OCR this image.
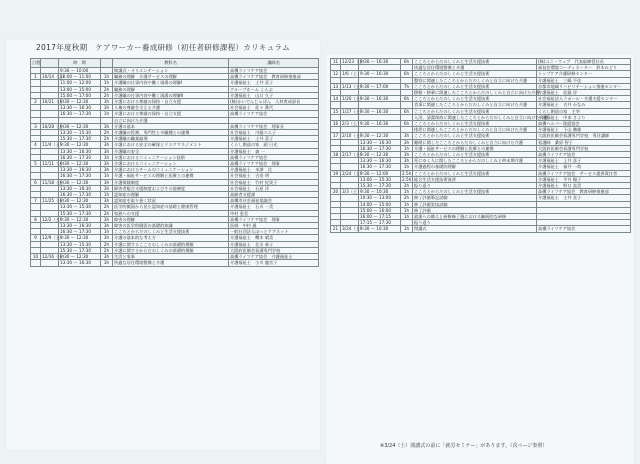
2017年度秋期　ケアワーカー養成研修（初任者研修課程）カリキュラム
日程		時　間		教科名	講師名
		9:30 ～ 10:00		開講式・オリエンテーション	高槻ライフケア協会
1	10/14（土）	10:00 ～ 11:00	1h	職務の理解　介護サービスの理解	高槻ライフケア協会　教育研修推進部
		11:00 ～ 12:00	1h	介護職の仕事内容や働く現場の理解Ⅰ	介護福祉士　土井 喜子
		13:00 ～ 15:00	2h	職務の理解	グループホーム くらぶ
		15:00 ～ 17:00	2h	介護職の仕事内容や働く現場の理解Ⅱ	介護福祉士　山口 久子
2	10/21（土）	9:30 ～ 12:30	3h	介護における尊厳の保持・自立支援	(株)かいでんじゃぱん　人材育成部長
		13:30 ～ 16:30	3h	人権の尊厳を支える介護	社会福祉士　佐々 眞代
		16:30 ～ 17:30	1h	介護における尊厳の保持・自立支援	高槻ライフケア協会
				自立に向けた介護	
3	10/28（土）	9:30 ～ 12:30	3h	介護の基本	高槻ライフケア協会　理事長
		13:30 ～ 15:30	2h	介護職の役割、専門性と多職種との連携	社会福祉士　川藤スエ子
		15:30 ～ 17:30	2h	介護職の職業倫理	介護福祉士　土井 喜子
4	11/4（土）	9:30 ～ 12:30	3h	介護における安全の確保とリスクマネジメント	くらし創造の家　副 日光
		13:30 ～ 16:30	3h	介護職の安全	介護福祉士　森 一
		16:30 ～ 17:30	1h	介護におけるコミュニケーション技術	高槻ライフケア協会
5	11/11（土）	9:30 ～ 12:30	3h	介護におけるコミュニケーション	高槻ライフケア協会　理事
		13:30 ～ 16:30	3h	介護におけるチームのコミュニケーション	介護福祉士　米澤　比
		16:30 ～ 17:30	1h	介護・福祉サービスの理解と医療との連携	社会福祉士　吉田 明
6	11/18（土）	9:30 ～ 12:30	3h	介護保険制度	社会福祉士　竹村 紀実子
		13:30 ～ 16:30	3h	障害者総合支援制度およびその他制度	社会福祉士　石原 洋
		16:30 ～ 17:30	1h	認知症の理解	高齢者支援課
7	11/25（土）	9:30 ～ 12:30	3h	認知症を取り巻く状況	高槻市社会福祉協議会
		13:30 ～ 15:30	2h	医学的側面から見た認知症の基礎と健康管理	介護福祉士　石川 一美
		15:30 ～ 17:30	2h	家族への支援	中村 恵美
8	12/2（土）	9:30 ～ 12:30	3h	障害の理解	高槻ライフケア協会　理事
		13:30 ～ 16:30	3h	障害の医学的側面の基礎的知識	医師　中村 通
		16:30 ～ 17:30	1h	こころとからだのしくみと生活支援技術	一般社団法人ほっとケアネット
9	12/9（土）	9:30 ～ 12:30	3h	介護の基本的な考え方	介護福祉士　櫻木 晴美
		13:30 ～ 15:30	2h	介護に関するこころのしくみの基礎的理解	介護福祉士　北川 恭子
		15:30 ～ 17:30	2h	介護に関するからだのしくみの基礎的理解	大阪府医師会看護専門学校
10	12/16（土）	9:30 ～ 12:30	3h	生活と家事	高槻ライフケア協会　介護福祉士
		13:30 ～ 16:30	3h	快適な居住環境整備と介護	介護福祉士　小川 龍宮子
11	12/23（土）	9:30 ～ 16:30	6h	こころとからだのしくみと生活支援技術	(株)ユニ・ウェブ　代表取締役社長
				快適な居住環境整備と介護	福祉住環境コーディネーター　鈴木みどり
12	1/6（土）	9:30 ～ 16:30	6h	こころとからだのしくみと生活支援技術	トップケア介護研修センター
				整容に関連したこころとからだのしくみと自立に向けた介護	介護福祉士　三嶋 千佳
13	1/13（土）	9:30 ～ 17:00	7h	こころとからだのしくみと生活支援技術	京都市地域リハビリテーション推進センター
				移動・移乗に関連したこころとからだのしくみと自立に向けた介護	介護福祉士　佐藤 淳
14	1/20（土）	9:30 ～ 16:30	6h	こころとからだのしくみと生活支援技術	社会福祉法人ラポール・介護支援センター
				食事に関連したこころとからだのしくみと自立に向けた介護	介護福祉士　吉井 かなみ
15	1/27（土）	9:30 ～ 16:30	6h	こころとからだのしくみと生活支援技術	くらし創造の家　主宰
				入浴、清潔保持に関連したこころとからだのしくみと自立に向けた介護	介護福祉士　中本 さより
16	2/3（土）	9:30 ～ 16:30	6h	こころとからだのしくみと生活支援技術	高槻ヘルパー派遣協会
				排泄に関連したこころとからだのしくみと自立に向けた介護	介護福祉士　下山 徹雄
17	2/10（土）	9:30 ～ 12:30	3h	こころとからだのしくみと生活支援技術	大阪府医師会看護専門学校　専任講師
		13:30 ～ 16:30	3h	睡眠に関したこころとからだのしくみと自立に向けた介護	看護師　桑原 智子
		16:30 ～ 17:30	1h	介護・福祉サービスの理解と医療との連携	大阪府医師会看護専門学校
18	2/17（土）	9:30 ～ 12:30	3h	こころとからだのしくみと生活支援技術	高槻ライフケア協会
		13:30 ～ 16:30	3h	死にゆく人に関したこころとからだのしくみと終末期介護	介護福祉士　上井 喜子
		16:30 ～ 17:30	1h	介護過程の基礎的理解	介護福祉士　福井 一哉
19	2/24（土）	9:30 ～ 12:00	2.5h	こころとからだのしくみと生活支援技術	高槻ライフケア協会　サービス提供責任者
		13:00 ～ 15:30	2.5h	総合生活支援技術演習	介護福祉士　平井 陽子
		15:30 ～ 17:30	2h	振り返り	介護福祉士　野口 直美
20	3/3（土）	9:30 ～ 10:30	1h	こころとからだのしくみと生活支援技術	高槻ライフケア協会　教育研修推進部
		10:30 ～ 13:00	2h	修了評価筆記試験	介護福祉士　土井 喜子
		14:00 ～ 15:00	1h	修了評価実技試験	
		15:00 ～ 16:00	1h	修了評価	
		16:00 ～ 17:15	1h	就業への備えと研修修了後における継続的な研修	
		17:15 ～ 17:30		振り返り	
21	3/24（土）	9:30 ～ 10:30	1h	閉講式	高槻ライフケア協会
※3/24（土）閉講式の前に「就労セミナー」があります。（次ページ参照）
